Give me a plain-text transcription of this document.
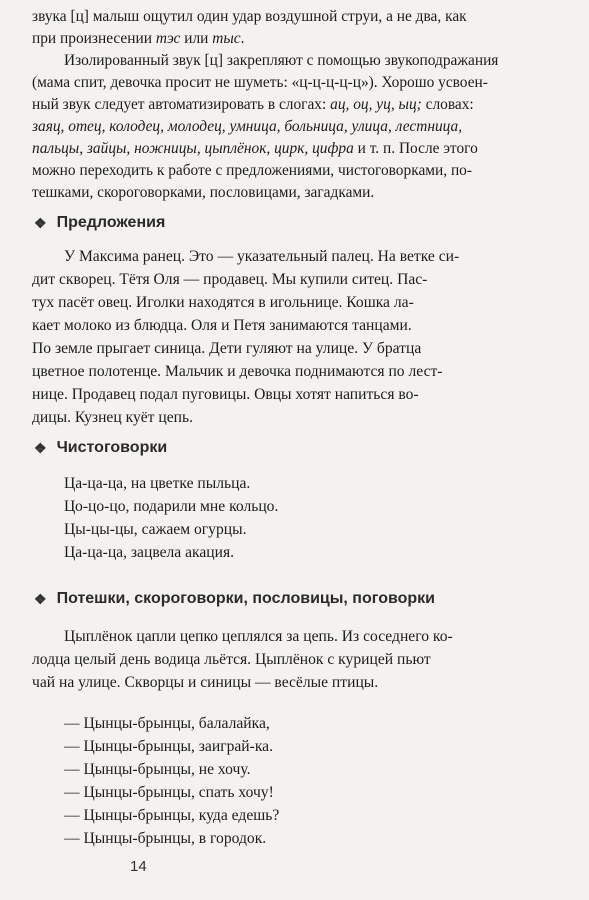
звука [ц] малыш ощутил один удар воздушной струи, а не два, как
при произнесении тэс или тыс.
Изолированный звук [ц] закрепляют с помощью звукоподражания
(мама спит, девочка просит не шуметь: «ц-ц-ц-ц-ц»). Хорошо усвоен-
ный звук следует автоматизировать в слогах: ац, оц, уц, ыц; словах:
заяц, отец, колодец, молодец, умница, больница, улица, лестница,
пальцы, зайцы, ножницы, цыплёнок, цирк, цифра и т. п. После этого
можно переходить к работе с предложениями, чистоговорками, по-
тешками, скороговорками, пословицами, загадками.
❖ Предложения
У Максима ранец. Это — указательный палец. На ветке си-
дит скворец. Тётя Оля — продавец. Мы купили ситец. Пас-
тух пасёт овец. Иголки находятся в игольнице. Кошка ла-
кает молоко из блюдца. Оля и Петя занимаются танцами.
По земле прыгает синица. Дети гуляют на улице. У братца
цветное полотенце. Мальчик и девочка поднимаются по лест-
нице. Продавец подал пуговицы. Овцы хотят напиться во-
дицы. Кузнец куёт цепь.
❖ Чистоговорки
Ца-ца-ца, на цветке пыльца.
Цо-цо-цо, подарили мне кольцо.
Цы-цы-цы, сажаем огурцы.
Ца-ца-ца, зацвела акация.
❖ Потешки, скороговорки, пословицы, поговорки
Цыплёнок цапли цепко цеплялся за цепь. Из соседнего ко-
лодца целый день водица льётся. Цыплёнок с курицей пьют
чай на улице. Скворцы и синицы — весёлые птицы.
— Цынцы-брынцы, балалайка,
— Цынцы-брынцы, заиграй-ка.
— Цынцы-брынцы, не хочу.
— Цынцы-брынцы, спать хочу!
— Цынцы-брынцы, куда едешь?
— Цынцы-брынцы, в городок.
14
